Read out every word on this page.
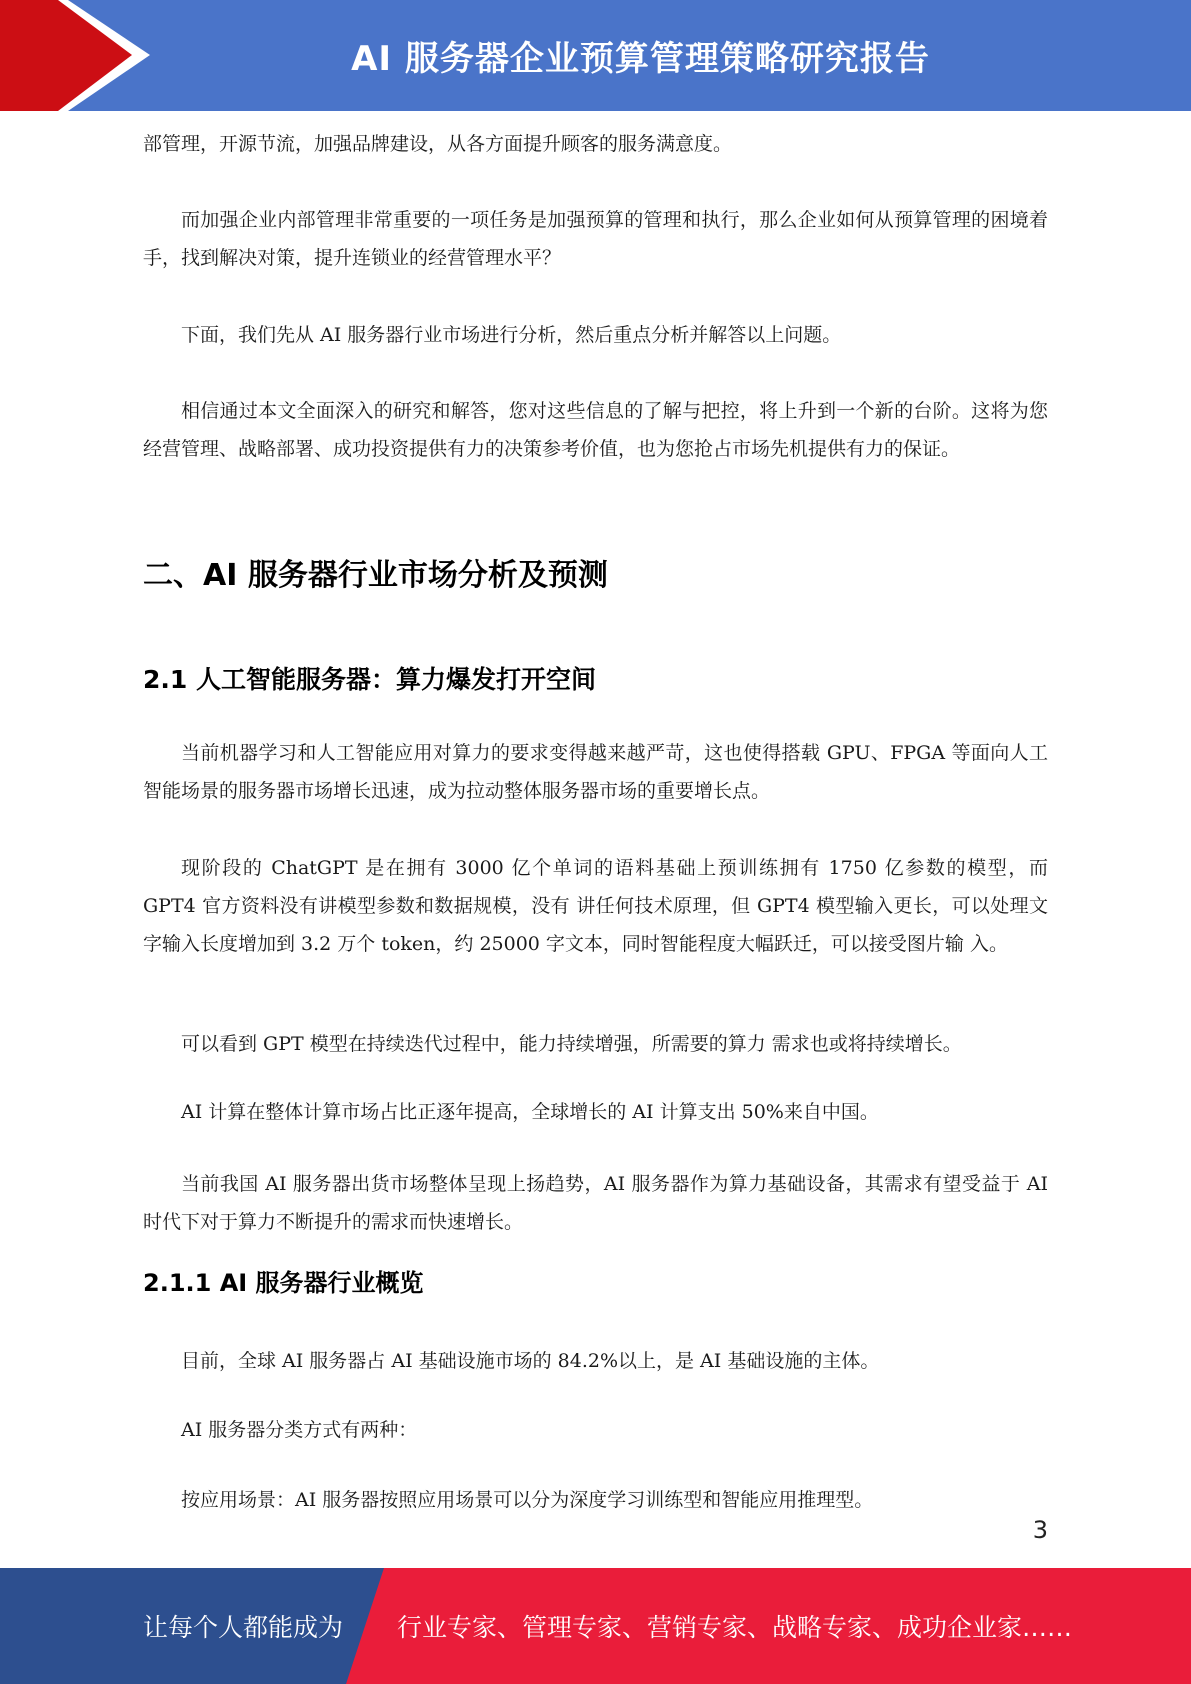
AI 服务器企业预算管理策略研究报告

部管理，开源节流，加强品牌建设，从各方面提升顾客的服务满意度。

而加强企业内部管理非常重要的一项任务是加强预算的管理和执行，那么企业如何从预算管理的困境着手，找到解决对策，提升连锁业的经营管理水平？

下面，我们先从 AI 服务器行业市场进行分析，然后重点分析并解答以上问题。

相信通过本文全面深入的研究和解答，您对这些信息的了解与把控，将上升到一个新的台阶。这将为您经营管理、战略部署、成功投资提供有力的决策参考价值，也为您抢占市场先机提供有力的保证。

二、AI 服务器行业市场分析及预测
2.1 人工智能服务器：算力爆发打开空间

当前机器学习和人工智能应用对算力的要求变得越来越严苛，这也使得搭载 GPU、FPGA 等面向人工智能场景的服务器市场增长迅速，成为拉动整体服务器市场的重要增长点。

现阶段的 ChatGPT 是在拥有 3000 亿个单词的语料基础上预训练拥有 1750 亿参数的模型，而 GPT4 官方资料没有讲模型参数和数据规模，没有 讲任何技术原理，但 GPT4 模型输入更长，可以处理文字输入长度增加到 3.2 万个 token，约 25000 字文本，同时智能程度大幅跃迁，可以接受图片输 入。

可以看到 GPT 模型在持续迭代过程中，能力持续增强，所需要的算力 需求也或将持续增长。

AI 计算在整体计算市场占比正逐年提高，全球增长的 AI 计算支出 50%来自中国。

当前我国 AI 服务器出货市场整体呈现上扬趋势，AI 服务器作为算力基础设备，其需求有望受益于 AI 时代下对于算力不断提升的需求而快速增长。

2.1.1 AI 服务器行业概览

目前，全球 AI 服务器占 AI 基础设施市场的 84.2%以上，是 AI 基础设施的主体。

AI 服务器分类方式有两种：

按应用场景：AI 服务器按照应用场景可以分为深度学习训练型和智能应用推理型。

3
让每个人都能成为 行业专家、管理专家、营销专家、战略专家、成功企业家……
